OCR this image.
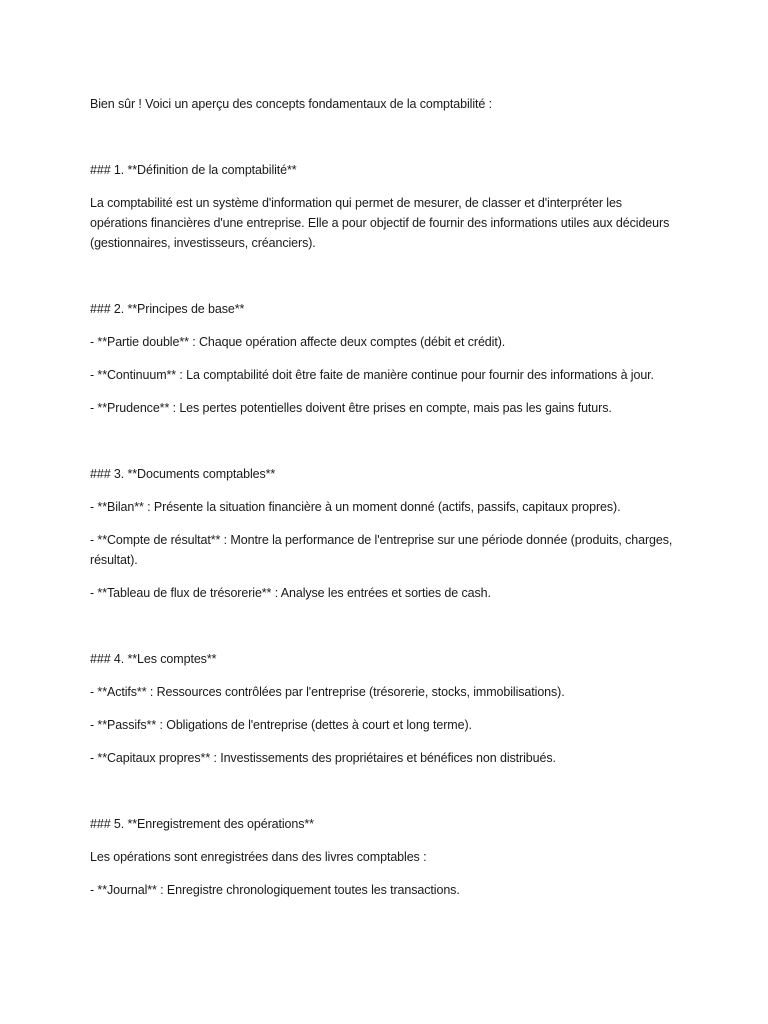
Bien sûr ! Voici un aperçu des concepts fondamentaux de la comptabilité :

### 1. **Définition de la comptabilité**

La comptabilité est un système d'information qui permet de mesurer, de classer et d'interpréter les opérations financières d'une entreprise. Elle a pour objectif de fournir des informations utiles aux décideurs (gestionnaires, investisseurs, créanciers).

### 2. **Principes de base**

- **Partie double** : Chaque opération affecte deux comptes (débit et crédit).

- **Continuum** : La comptabilité doit être faite de manière continue pour fournir des informations à jour.

- **Prudence** : Les pertes potentielles doivent être prises en compte, mais pas les gains futurs.

### 3. **Documents comptables**

- **Bilan** : Présente la situation financière à un moment donné (actifs, passifs, capitaux propres).

- **Compte de résultat** : Montre la performance de l'entreprise sur une période donnée (produits, charges, résultat).

- **Tableau de flux de trésorerie** : Analyse les entrées et sorties de cash.

### 4. **Les comptes**

- **Actifs** : Ressources contrôlées par l'entreprise (trésorerie, stocks, immobilisations).

- **Passifs** : Obligations de l'entreprise (dettes à court et long terme).

- **Capitaux propres** : Investissements des propriétaires et bénéfices non distribués.

### 5. **Enregistrement des opérations**

Les opérations sont enregistrées dans des livres comptables :

- **Journal** : Enregistre chronologiquement toutes les transactions.
